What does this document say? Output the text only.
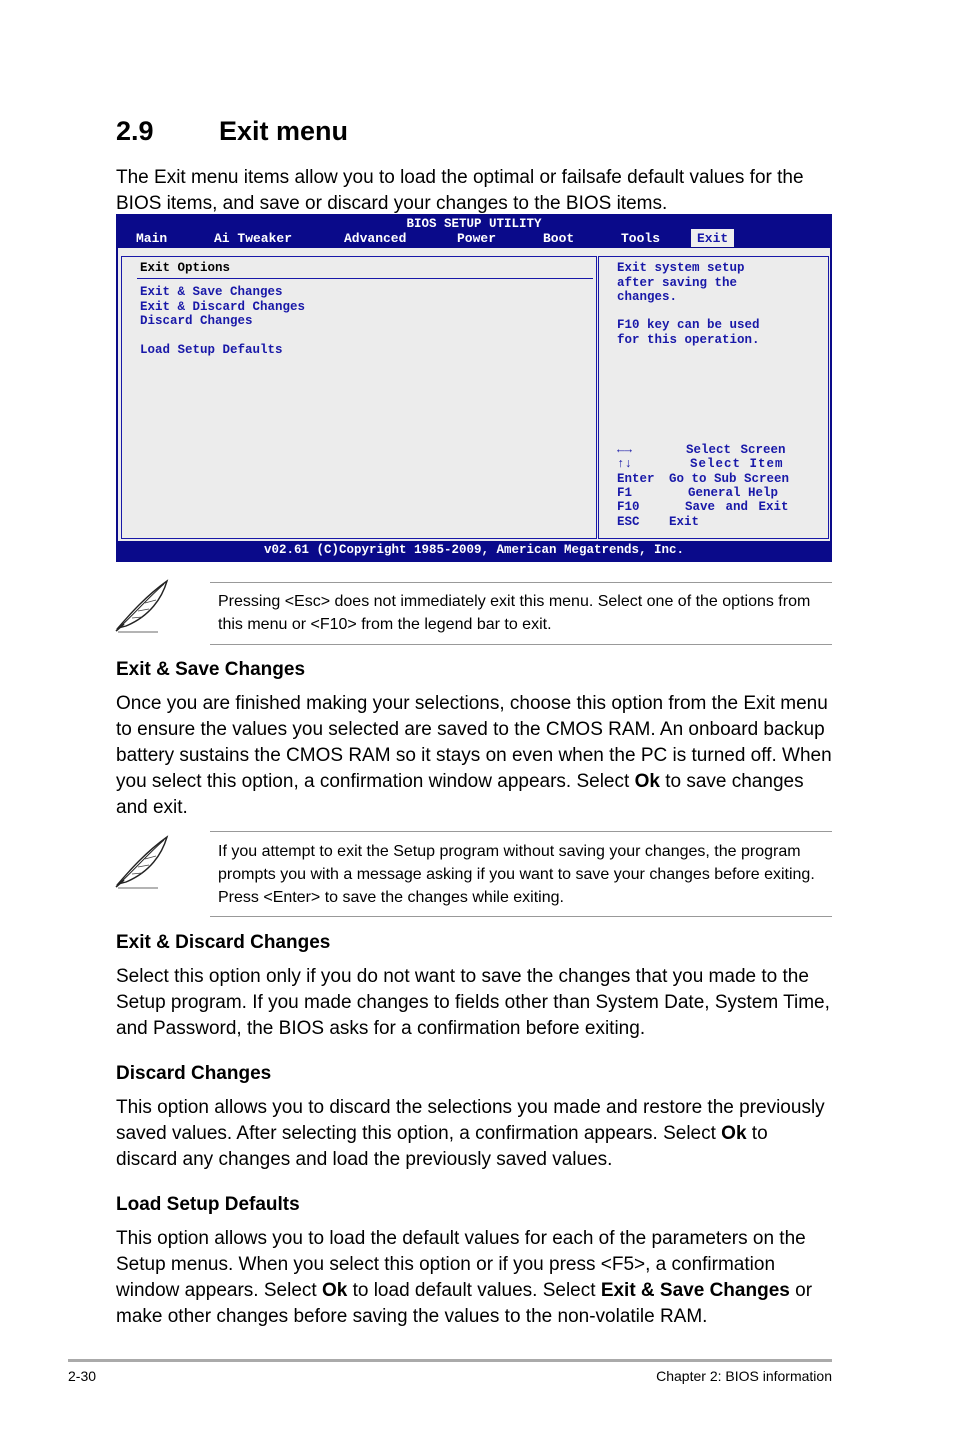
2.9 Exit menu
The Exit menu items allow you to load the optimal or failsafe default values for the BIOS items, and save or discard your changes to the BIOS items.
BIOS SETUP UTILITY
Main	Ai Tweaker	Advanced	Power	Boot	Tools	Exit
Exit Options
Exit & Save Changes
Exit & Discard Changes
Discard Changes
Load Setup Defaults
Exit system setup
after saving the
changes.
F10 key can be used
for this operation.
←→	Select Screen
↑↓	Select Item
Enter Go to Sub Screen
F1	General Help
F10	Save and Exit
ESC Exit
v02.61 (C)Copyright 1985-2009, American Megatrends, Inc.
Pressing <Esc> does not immediately exit this menu. Select one of the options from this menu or <F10> from the legend bar to exit.
Exit & Save Changes
Once you are finished making your selections, choose this option from the Exit menu to ensure the values you selected are saved to the CMOS RAM. An onboard backup battery sustains the CMOS RAM so it stays on even when the PC is turned off. When you select this option, a confirmation window appears. Select Ok to save changes and exit.
If you attempt to exit the Setup program without saving your changes, the program prompts you with a message asking if you want to save your changes before exiting. Press <Enter> to save the changes while exiting.
Exit & Discard Changes
Select this option only if you do not want to save the changes that you made to the Setup program. If you made changes to fields other than System Date, System Time, and Password, the BIOS asks for a confirmation before exiting.
Discard Changes
This option allows you to discard the selections you made and restore the previously saved values. After selecting this option, a confirmation appears. Select Ok to discard any changes and load the previously saved values.
Load Setup Defaults
This option allows you to load the default values for each of the parameters on the Setup menus. When you select this option or if you press <F5>, a confirmation window appears. Select Ok to load default values. Select Exit & Save Changes or make other changes before saving the values to the non-volatile RAM.
2-30	Chapter 2: BIOS information
